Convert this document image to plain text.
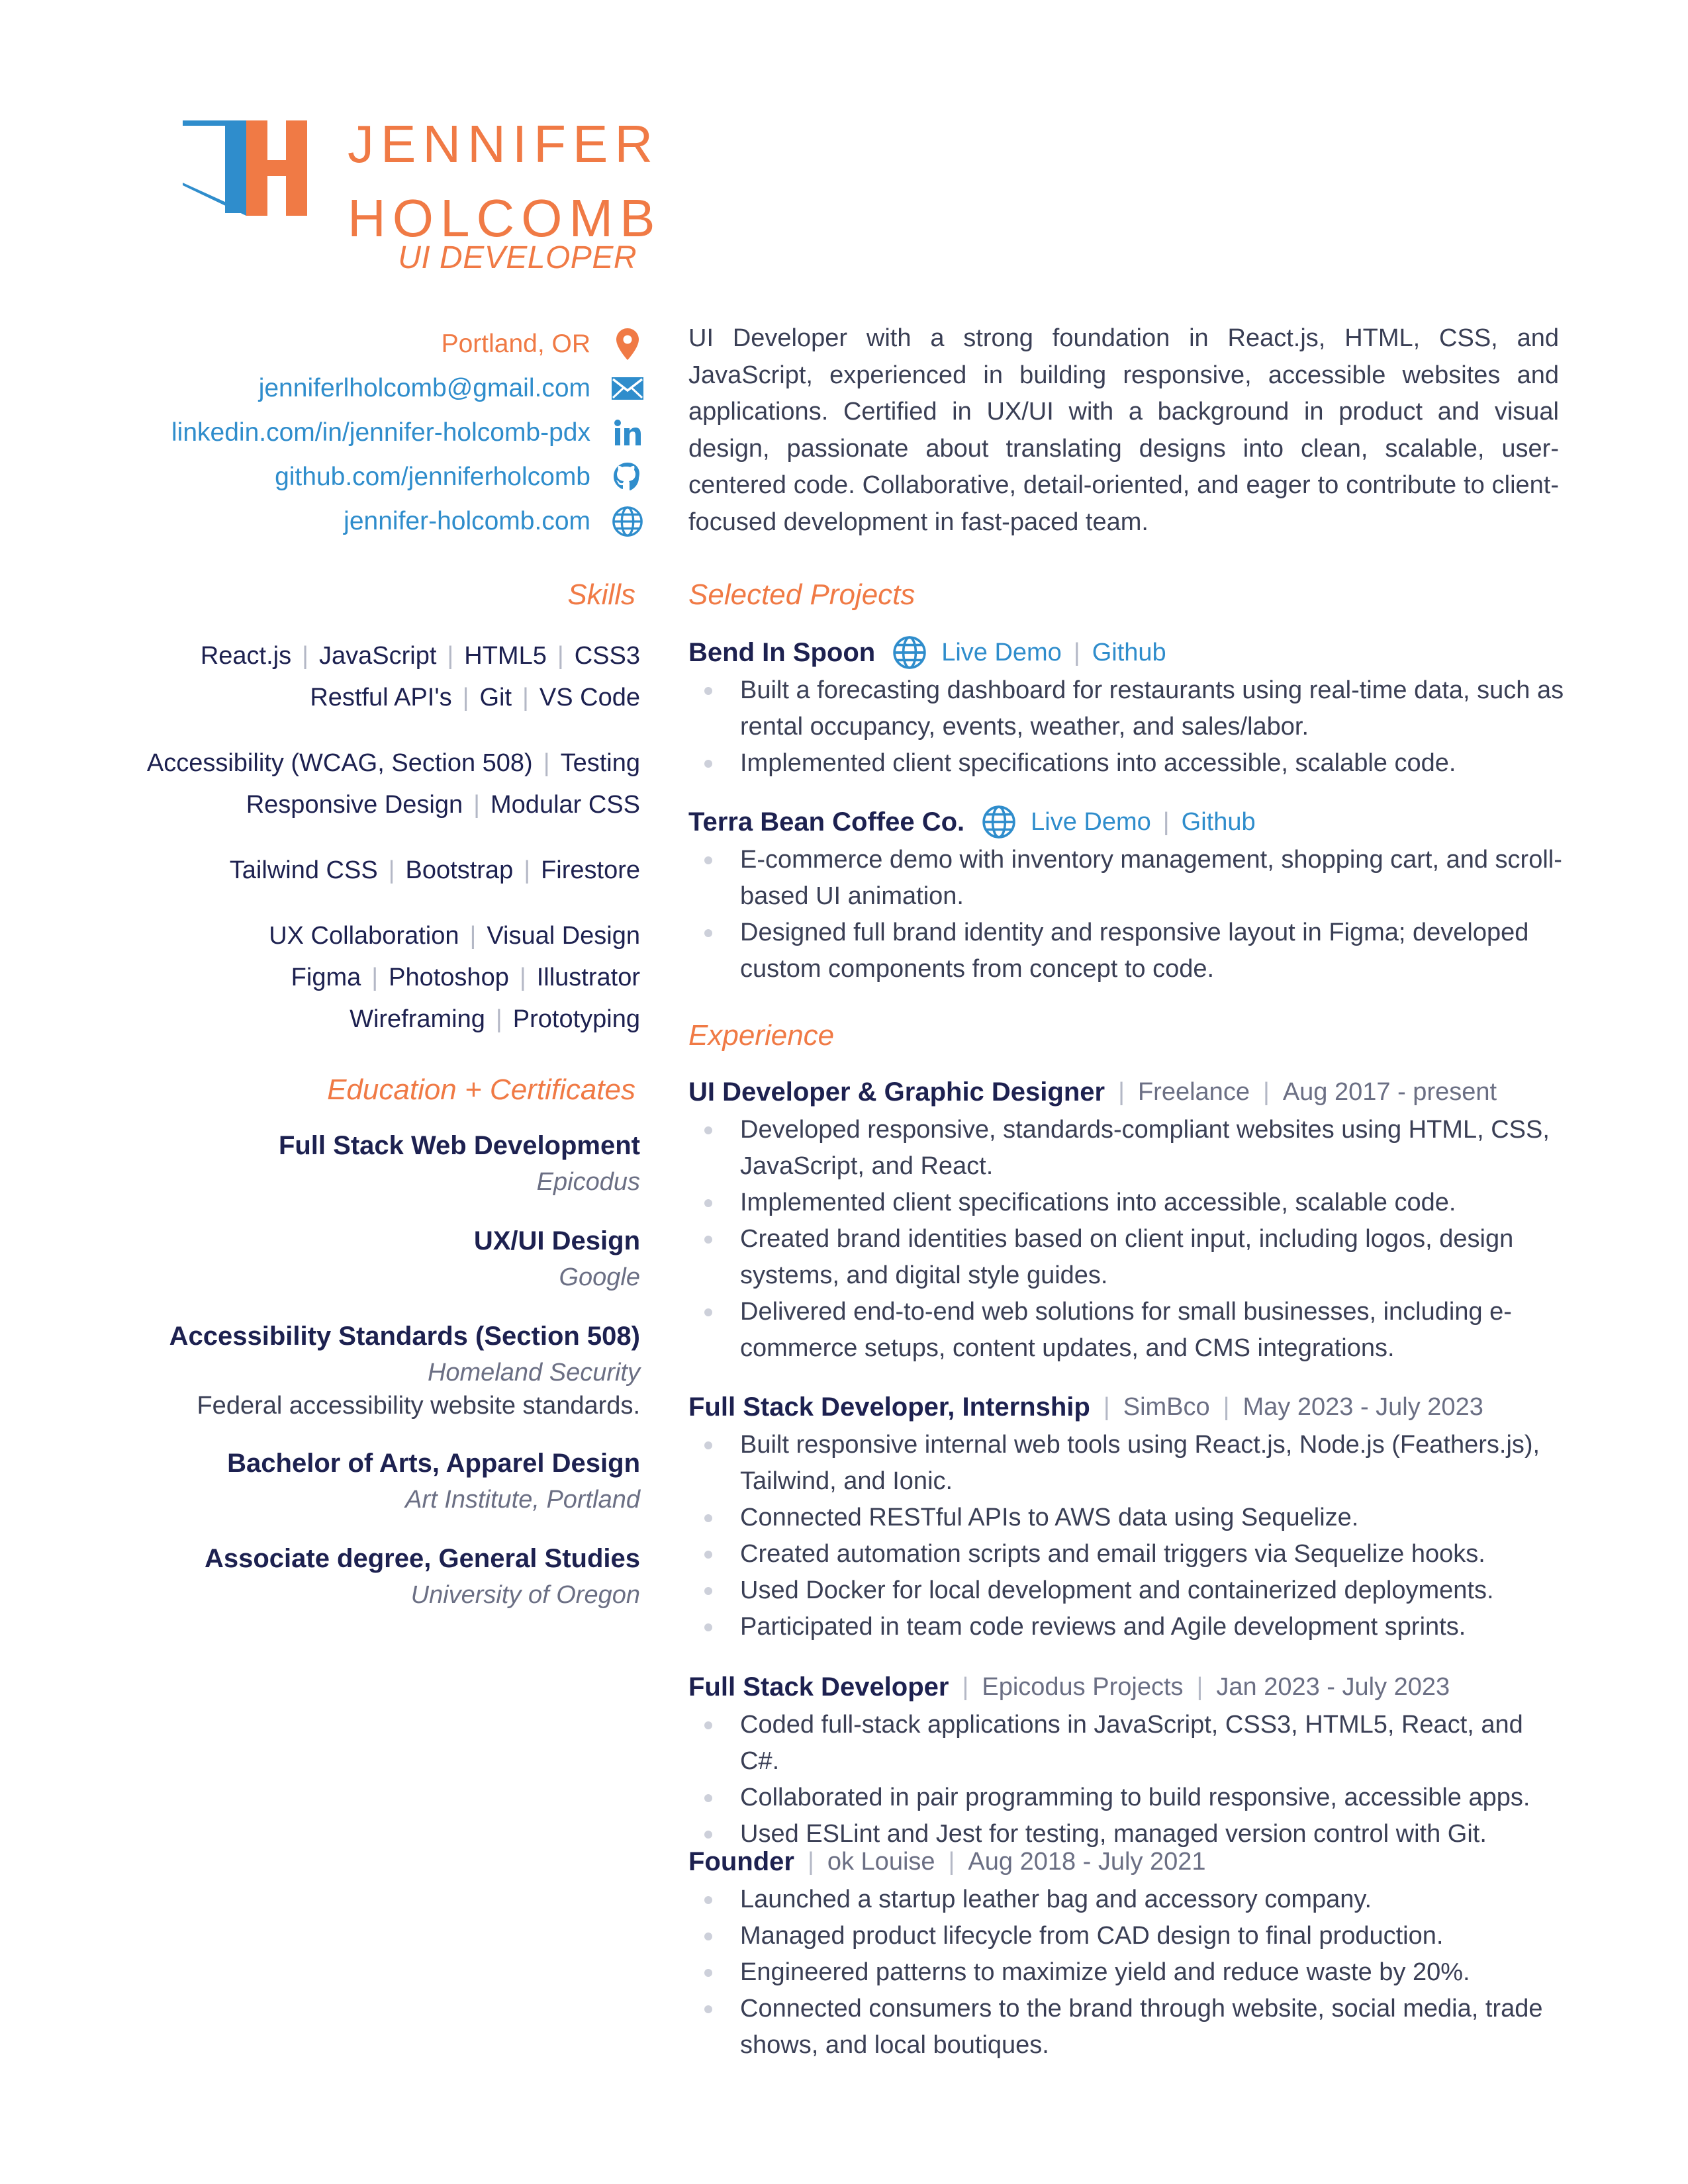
JENNIFER
HOLCOMB
UI DEVELOPER
Portland, OR
jenniferlholcomb@gmail.com
linkedin.com/in/jennifer-holcomb-pdx
github.com/jenniferholcomb
jennifer-holcomb.com
Skills
React.js | JavaScript | HTML5 | CSS3
Restful API's | Git | VS Code
Accessibility (WCAG, Section 508) | Testing
Responsive Design | Modular CSS
Tailwind CSS | Bootstrap | Firestore
UX Collaboration | Visual Design
Figma | Photoshop | Illustrator
Wireframing | Prototyping
Education + Certificates
Full Stack Web Development
Epicodus
UX/UI Design
Google
Accessibility Standards (Section 508)
Homeland Security
Federal accessibility website standards.
Bachelor of Arts, Apparel Design
Art Institute, Portland
Associate degree, General Studies
University of Oregon
UI Developer with a strong foundation in React.js, HTML, CSS, and JavaScript, experienced in building responsive, accessible websites and applications. Certified in UX/UI with a background in product and visual design, passionate about translating designs into clean, scalable, user-centered code. Collaborative, detail-oriented, and eager to contribute to client-focused development in fast-paced team.
Selected Projects
Bend In Spoon	Live Demo | Github
Built a forecasting dashboard for restaurants using real-time data, such as rental occupancy, events, weather, and sales/labor.
Implemented client specifications into accessible, scalable code.
Terra Bean Coffee Co.	Live Demo | Github
E-commerce demo with inventory management, shopping cart, and scroll-based UI animation.
Designed full brand identity and responsive layout in Figma; developed custom components from concept to code.
Experience
UI Developer & Graphic Designer | Freelance | Aug 2017 - present
Developed responsive, standards-compliant websites using HTML, CSS, JavaScript, and React.
Implemented client specifications into accessible, scalable code.
Created brand identities based on client input, including logos, design systems, and digital style guides.
Delivered end-to-end web solutions for small businesses, including e-commerce setups, content updates, and CMS integrations.
Full Stack Developer, Internship | SimBco | May 2023 - July 2023
Built responsive internal web tools using React.js, Node.js (Feathers.js), Tailwind, and Ionic.
Connected RESTful APIs to AWS data using Sequelize.
Created automation scripts and email triggers via Sequelize hooks.
Used Docker for local development and containerized deployments.
Participated in team code reviews and Agile development sprints.
Full Stack Developer | Epicodus Projects | Jan 2023 - July 2023
Coded full-stack applications in JavaScript, CSS3, HTML5, React, and C#.
Collaborated in pair programming to build responsive, accessible apps.
Used ESLint and Jest for testing, managed version control with Git.
Founder | ok Louise | Aug 2018 - July 2021
Launched a startup leather bag and accessory company.
Managed product lifecycle from CAD design to final production.
Engineered patterns to maximize yield and reduce waste by 20%.
Connected consumers to the brand through website, social media, trade shows, and local boutiques.
